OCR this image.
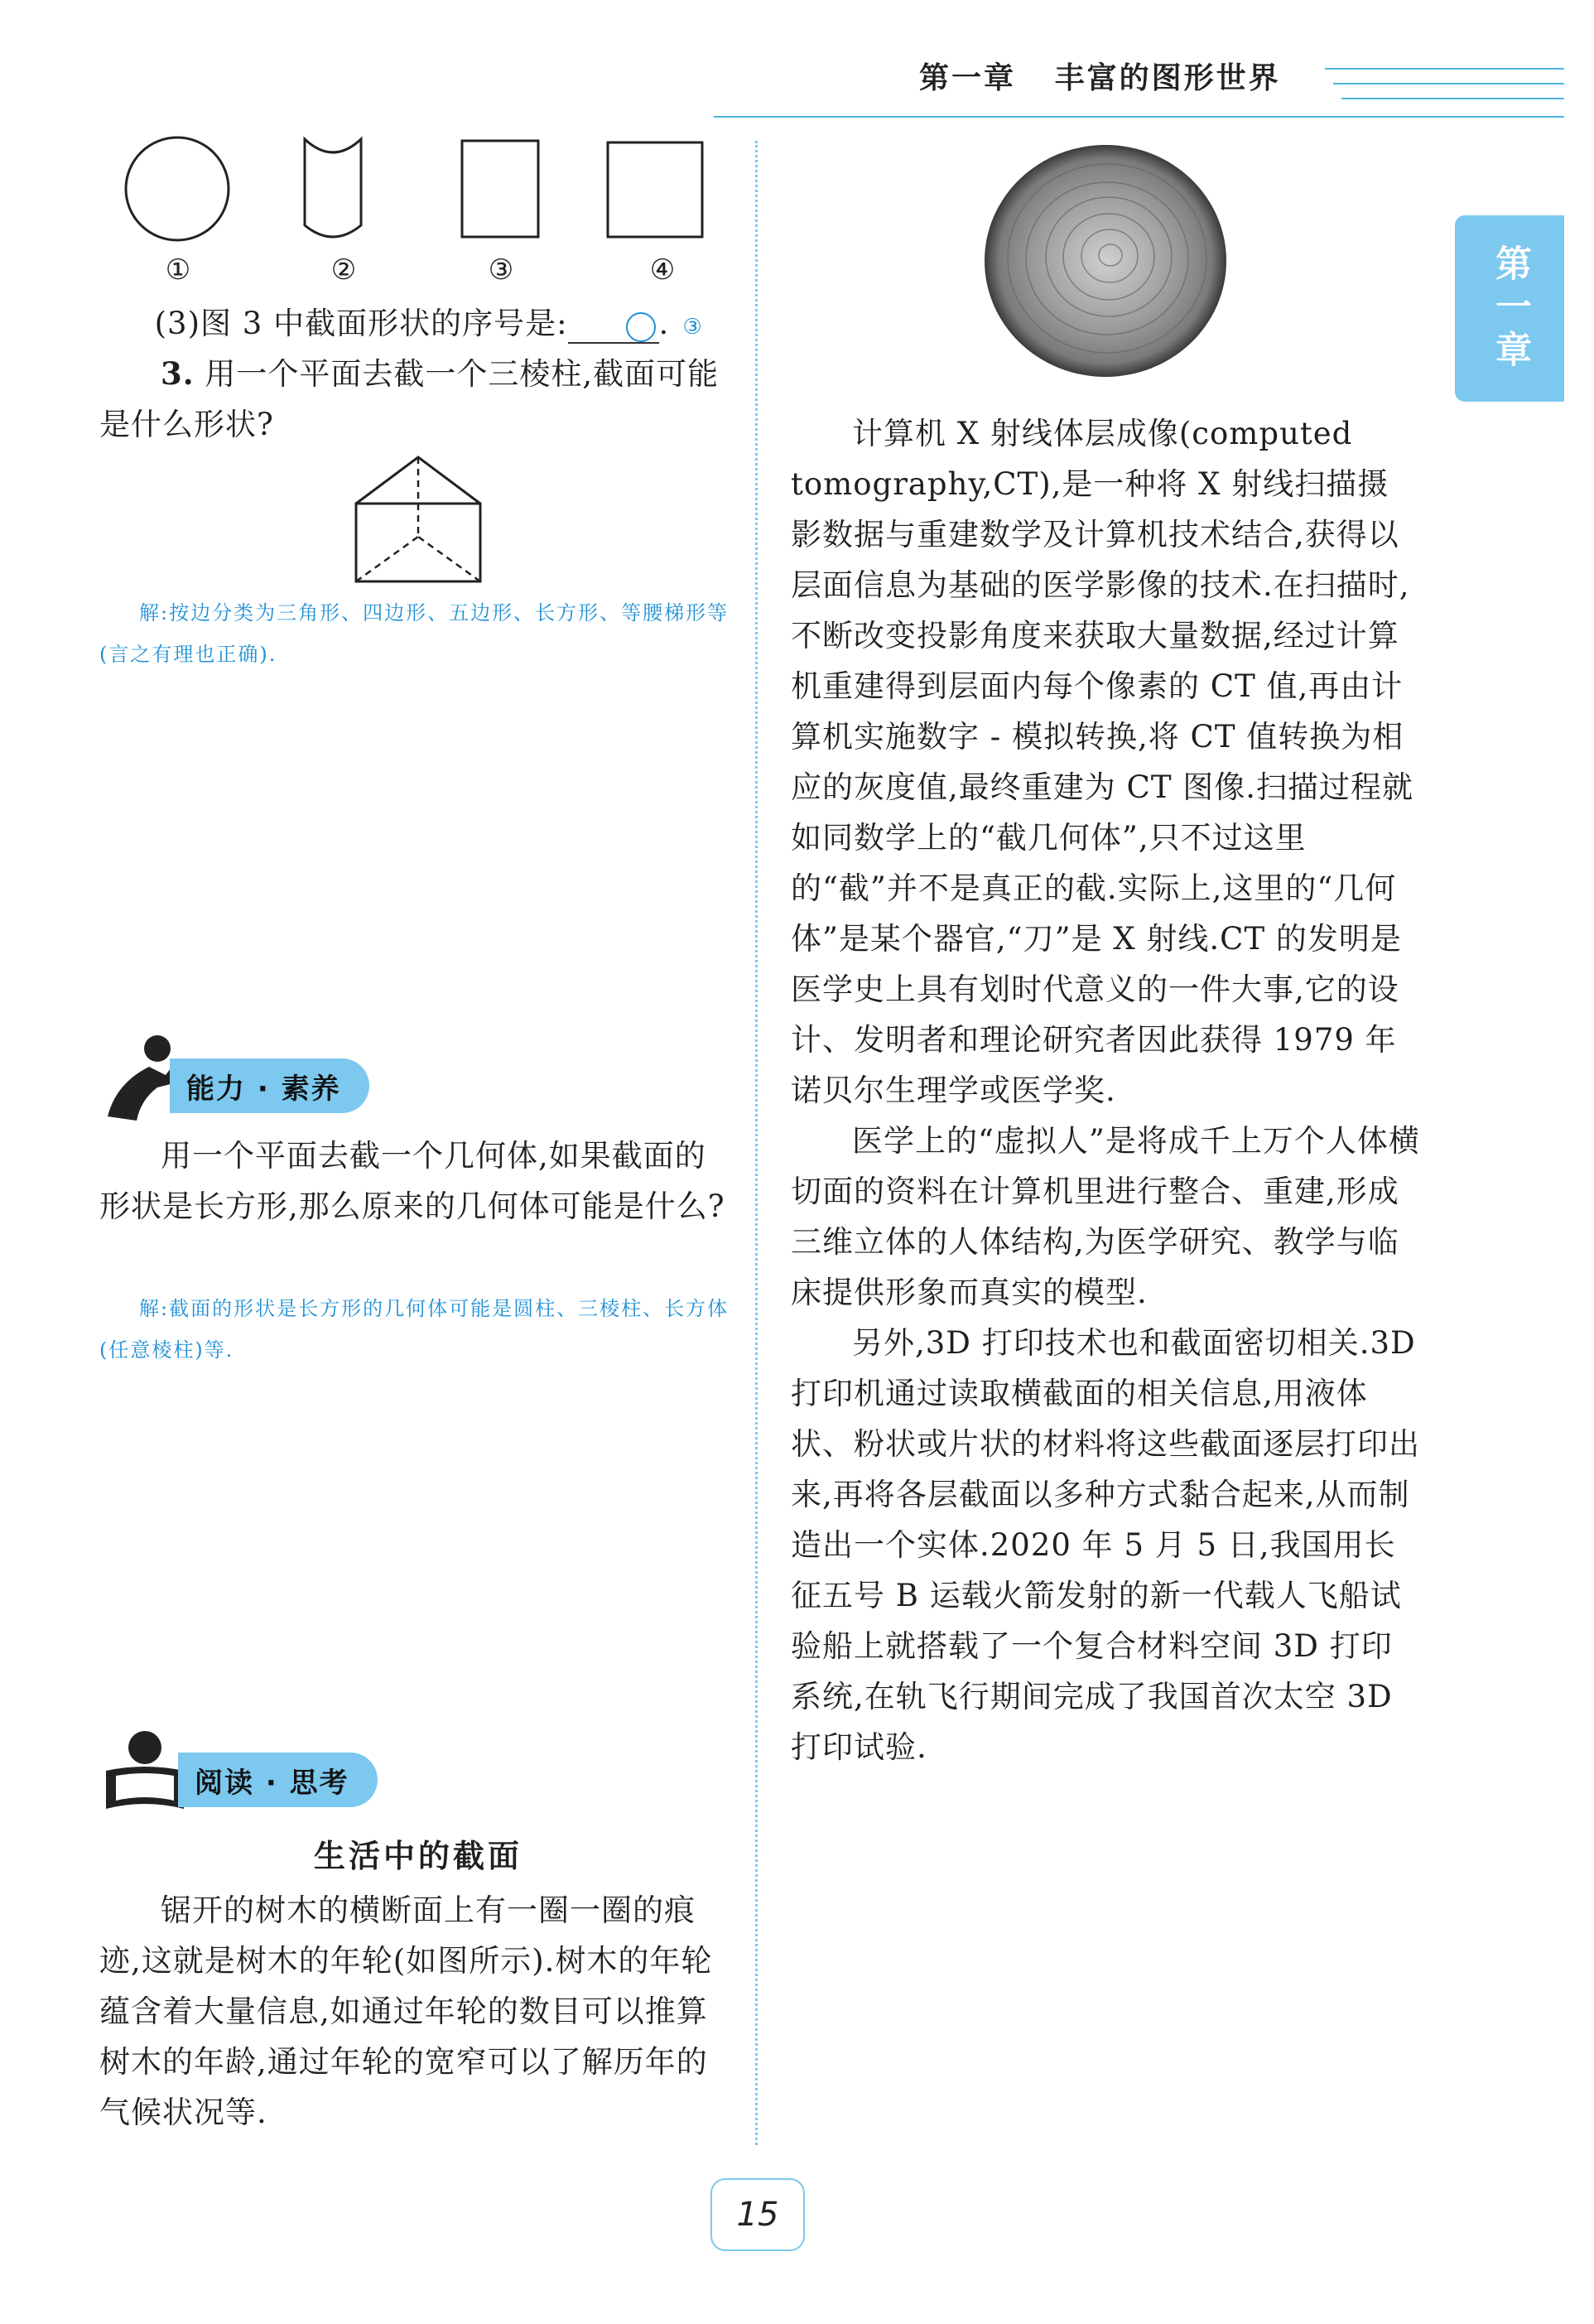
第一章   丰富的图形世界
第一章
①	②	③	④

(3)图 3 中截面形状的序号是:	③.

3. 用一个平面去截一个三棱柱,截面可能是什么形状?

解:按边分类为三角形、四边形、五边形、长方形、等腰梯形等(言之有理也正确).

能力 · 素养

用一个平面去截一个几何体,如果截面的形状是长方形,那么原来的几何体可能是什么?

解:截面的形状是长方形的几何体可能是圆柱、三棱柱、长方体(任意棱柱)等.

阅读 · 思考
生活中的截面

锯开的树木的横断面上有一圈一圈的痕迹,这就是树木的年轮(如图所示).树木的年轮蕴含着大量信息,如通过年轮的数目可以推算树木的年龄,通过年轮的宽窄可以了解历年的气候状况等.

计算机 X 射线体层成像(computed tomography,CT),是一种将 X 射线扫描摄影数据与重建数学及计算机技术结合,获得以层面信息为基础的医学影像的技术.在扫描时,不断改变投影角度来获取大量数据,经过计算机重建得到层面内每个像素的 CT 值,再由计算机实施数字 - 模拟转换,将 CT 值转换为相应的灰度值,最终重建为 CT 图像.扫描过程就如同数学上的“截几何体”,只不过这里的“截”并不是真正的截.实际上,这里的“几何体”是某个器官,“刀”是 X 射线.CT 的发明是医学史上具有划时代意义的一件大事,它的设计、发明者和理论研究者因此获得 1979 年诺贝尔生理学或医学奖.

医学上的“虚拟人”是将成千上万个人体横切面的资料在计算机里进行整合、重建,形成三维立体的人体结构,为医学研究、教学与临床提供形象而真实的模型.

另外,3D 打印技术也和截面密切相关.3D 打印机通过读取横截面的相关信息,用液体状、粉状或片状的材料将这些截面逐层打印出来,再将各层截面以多种方式黏合起来,从而制造出一个实体.2020 年 5 月 5 日,我国用长征五号 B 运载火箭发射的新一代载人飞船试验船上就搭载了一个复合材料空间 3D 打印系统,在轨飞行期间完成了我国首次太空 3D 打印试验.

15
